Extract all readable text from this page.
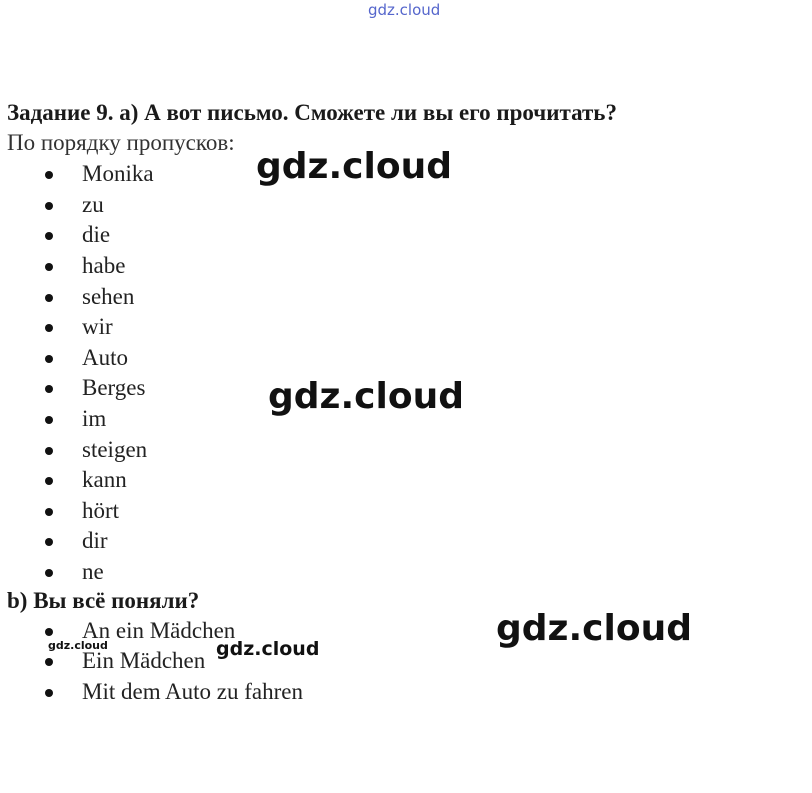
gdz.cloud
Задание 9. а) А вот письмо. Сможете ли вы его прочитать?
По порядку пропусков:
Monika
zu
die
habe
sehen
wir
Auto
Berges
im
steigen
kann
hört
dir
ne
b) Вы всё поняли?
An ein Mädchen
Ein Mädchen
Mit dem Auto zu fahren
gdz.cloud
gdz.cloud
gdz.cloud
gdz.cloud
gdz.cloud
